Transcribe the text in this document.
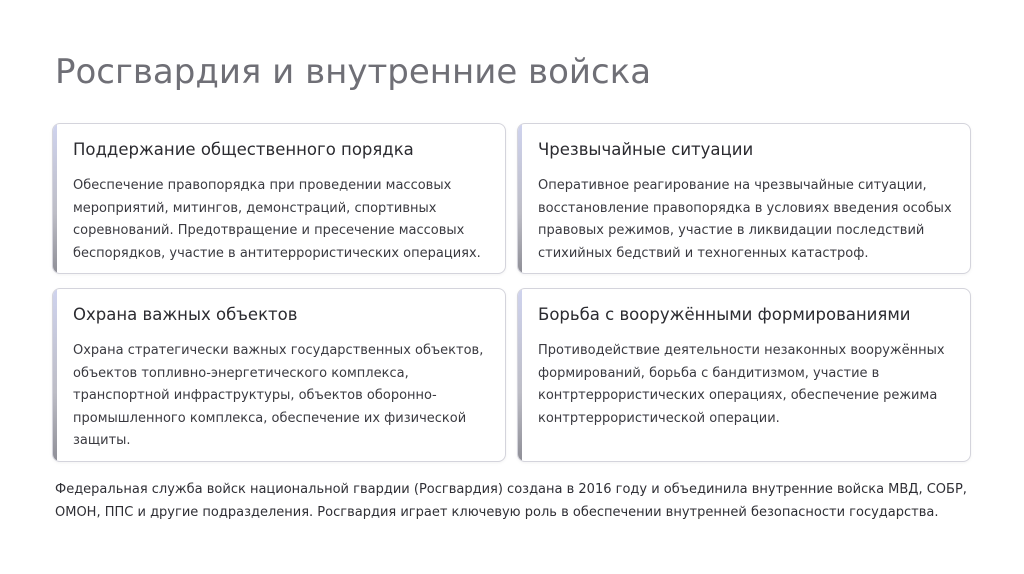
Росгвардия и внутренние войска
Поддержание общественного порядка

Обеспечение правопорядка при проведении массовых мероприятий, митингов, демонстраций, спортивных соревнований. Предотвращение и пресечение массовых беспорядков, участие в антитеррористических операциях.

Чрезвычайные ситуации

Оперативное реагирование на чрезвычайные ситуации, восстановление правопорядка в условиях введения особых правовых режимов, участие в ликвидации последствий стихийных бедствий и техногенных катастроф.

Охрана важных объектов

Охрана стратегически важных государственных объектов, объектов топливно-энергетического комплекса, транспортной инфраструктуры, объектов оборонно-промышленного комплекса, обеспечение их физической защиты.

Борьба с вооружёнными формированиями

Противодействие деятельности незаконных вооружённых формирований, борьба с бандитизмом, участие в контртеррористических операциях, обеспечение режима контртеррористической операции.

Федеральная служба войск национальной гвардии (Росгвардия) создана в 2016 году и объединила внутренние войска МВД, СОБР, ОМОН, ППС и другие подразделения. Росгвардия играет ключевую роль в обеспечении внутренней безопасности государства.
